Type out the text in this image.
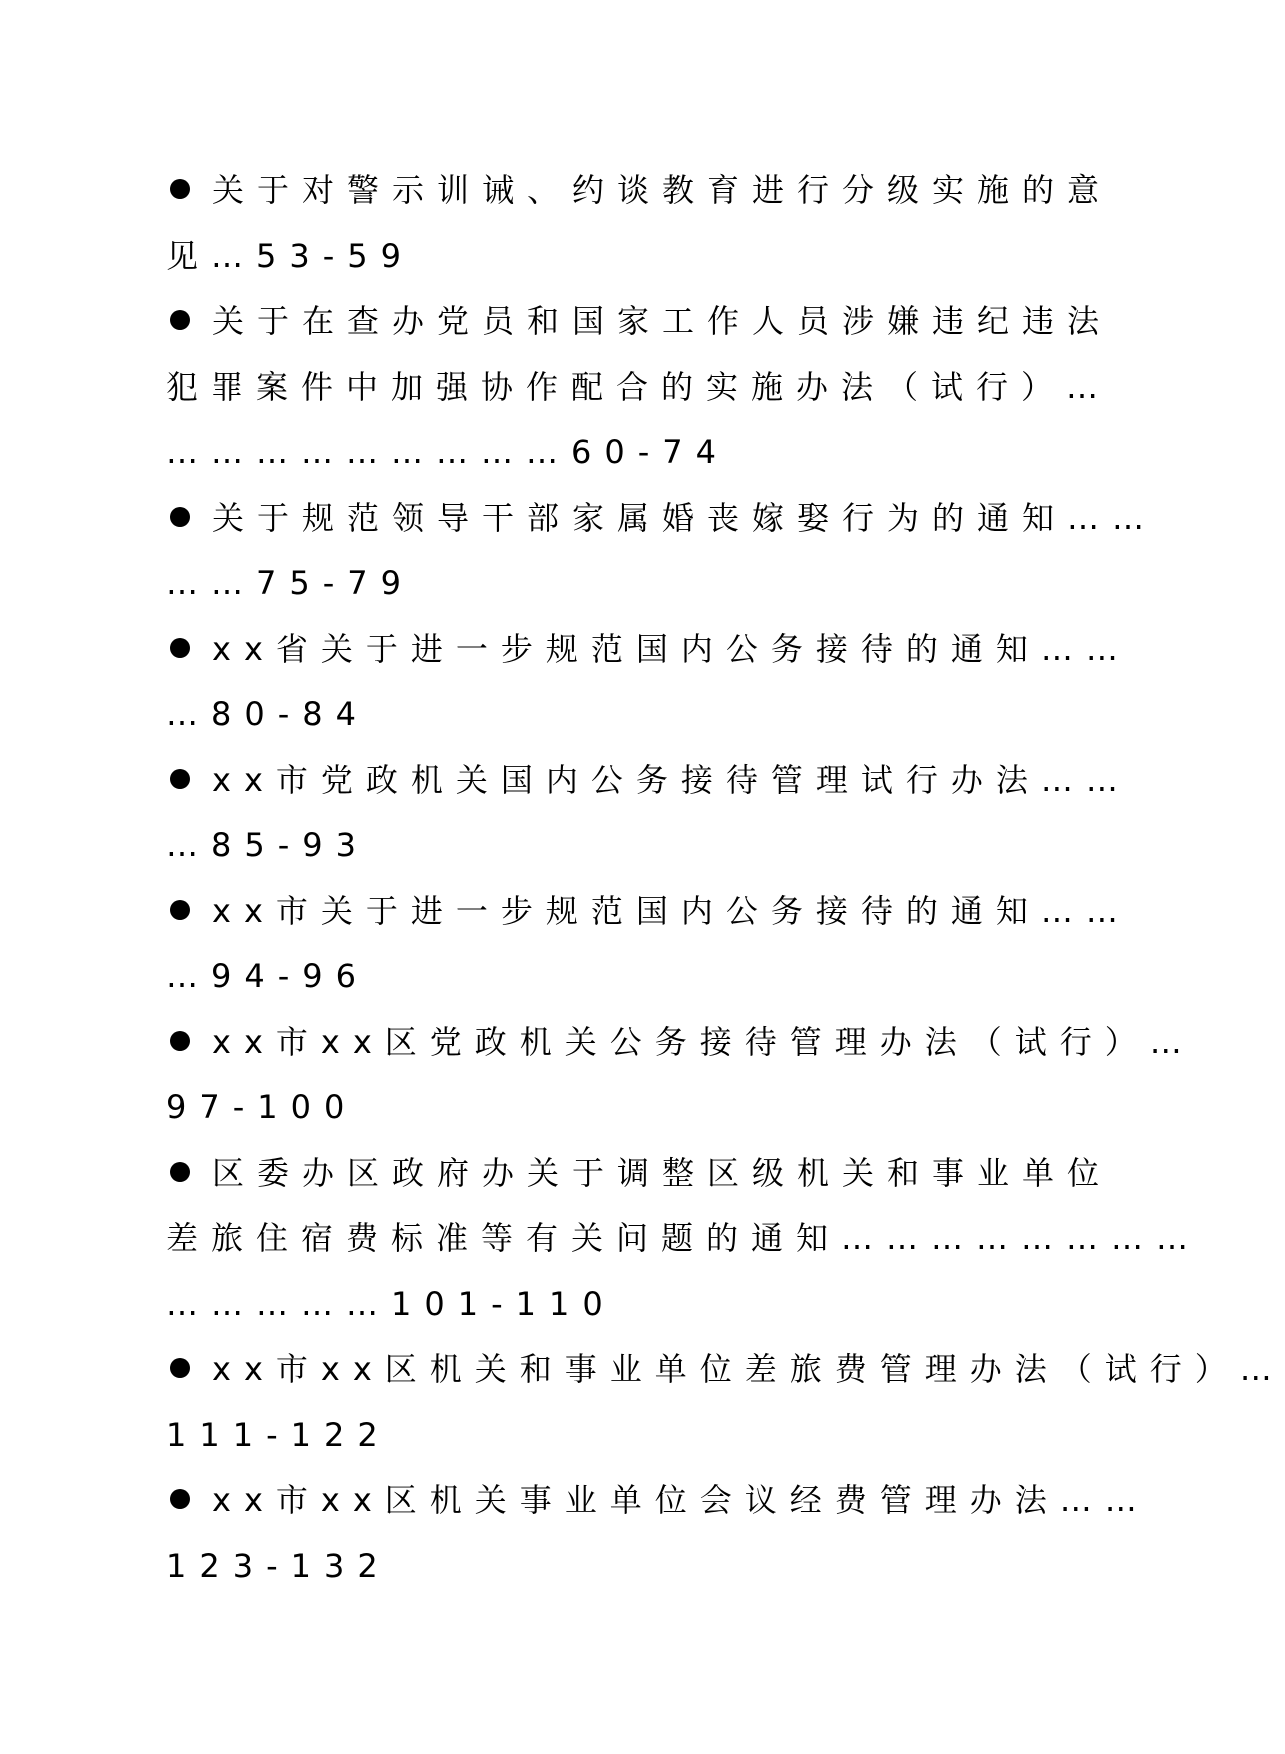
关于对警示训诫、约谈教育进行分级实施的意
见…53-59
关于在查办党员和国家工作人员涉嫌违纪违法
犯罪案件中加强协作配合的实施办法（试行）…
………………………60-74
关于规范领导干部家属婚丧嫁娶行为的通知……
……75-79
xx省关于进一步规范国内公务接待的通知……
…80-84
xx市党政机关国内公务接待管理试行办法……
…85-93
xx市关于进一步规范国内公务接待的通知……
…94-96
xx市xx区党政机关公务接待管理办法（试行）…
97-100
区委办区政府办关于调整区级机关和事业单位
差旅住宿费标准等有关问题的通知……………………
……………101-110
xx市xx区机关和事业单位差旅费管理办法（试行）…
111-122
xx市xx区机关事业单位会议经费管理办法……
123-132
